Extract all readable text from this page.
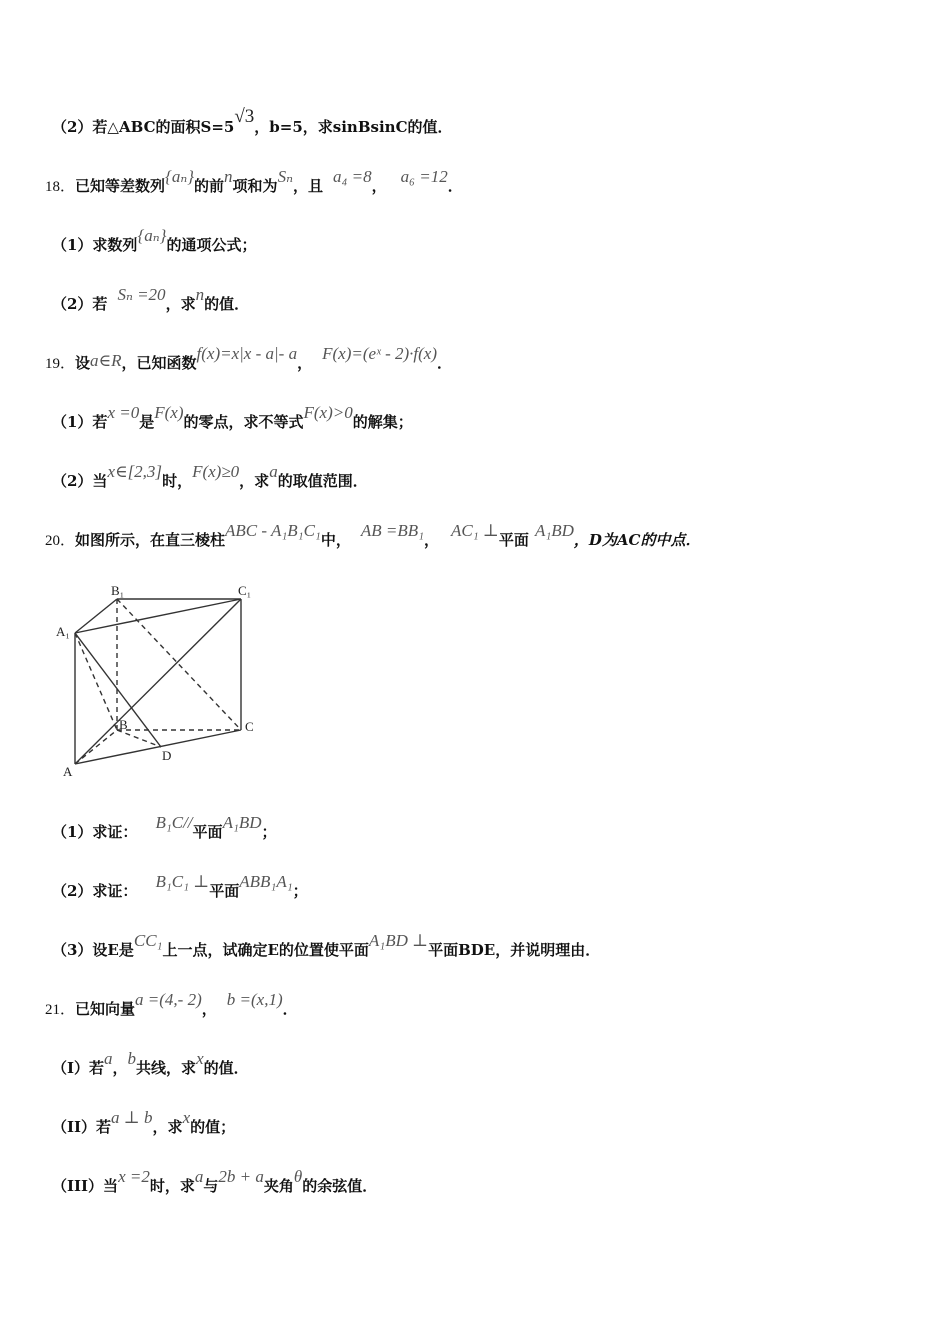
（2）若△ABC的面积S=5√3，b=5，求sinBsinC的值．
18．已知等差数列{aₙ}的前n项和为Sₙ，且 a₄ =8， a₆ =12．
（1）求数列{aₙ}的通项公式；
（2）若 Sₙ =20，求n的值．
19．设a∈R，已知函数f(x)=x|x - a|- a， F(x)=(eˣ - 2)·f(x)．
（1）若x =0是F(x)的零点，求不等式F(x)>0的解集；
（2）当x∈[2,3]时，F(x)≥0，求a的取值范围．
20．如图所示，在直三棱柱ABC - A₁B₁C₁中， AB =BB₁， AC₁ ⊥平面 A₁BD，D为AC的中点．
B₁	C₁
A₁
B	C
A
D
（1）求证： B₁C//平面A₁BD；
（2）求证： B₁C₁ ⊥平面ABB₁A₁；
（3）设E是CC₁上一点，试确定E的位置使平面A₁BD ⊥平面BDE，并说明理由．
21．已知向量a =(4,- 2)， b =(x,1)．
（I）若a，b共线，求x的值．
（II）若a ⊥ b，求x的值；
（III）当x =2时，求a与2b + a夹角θ的余弦值．
